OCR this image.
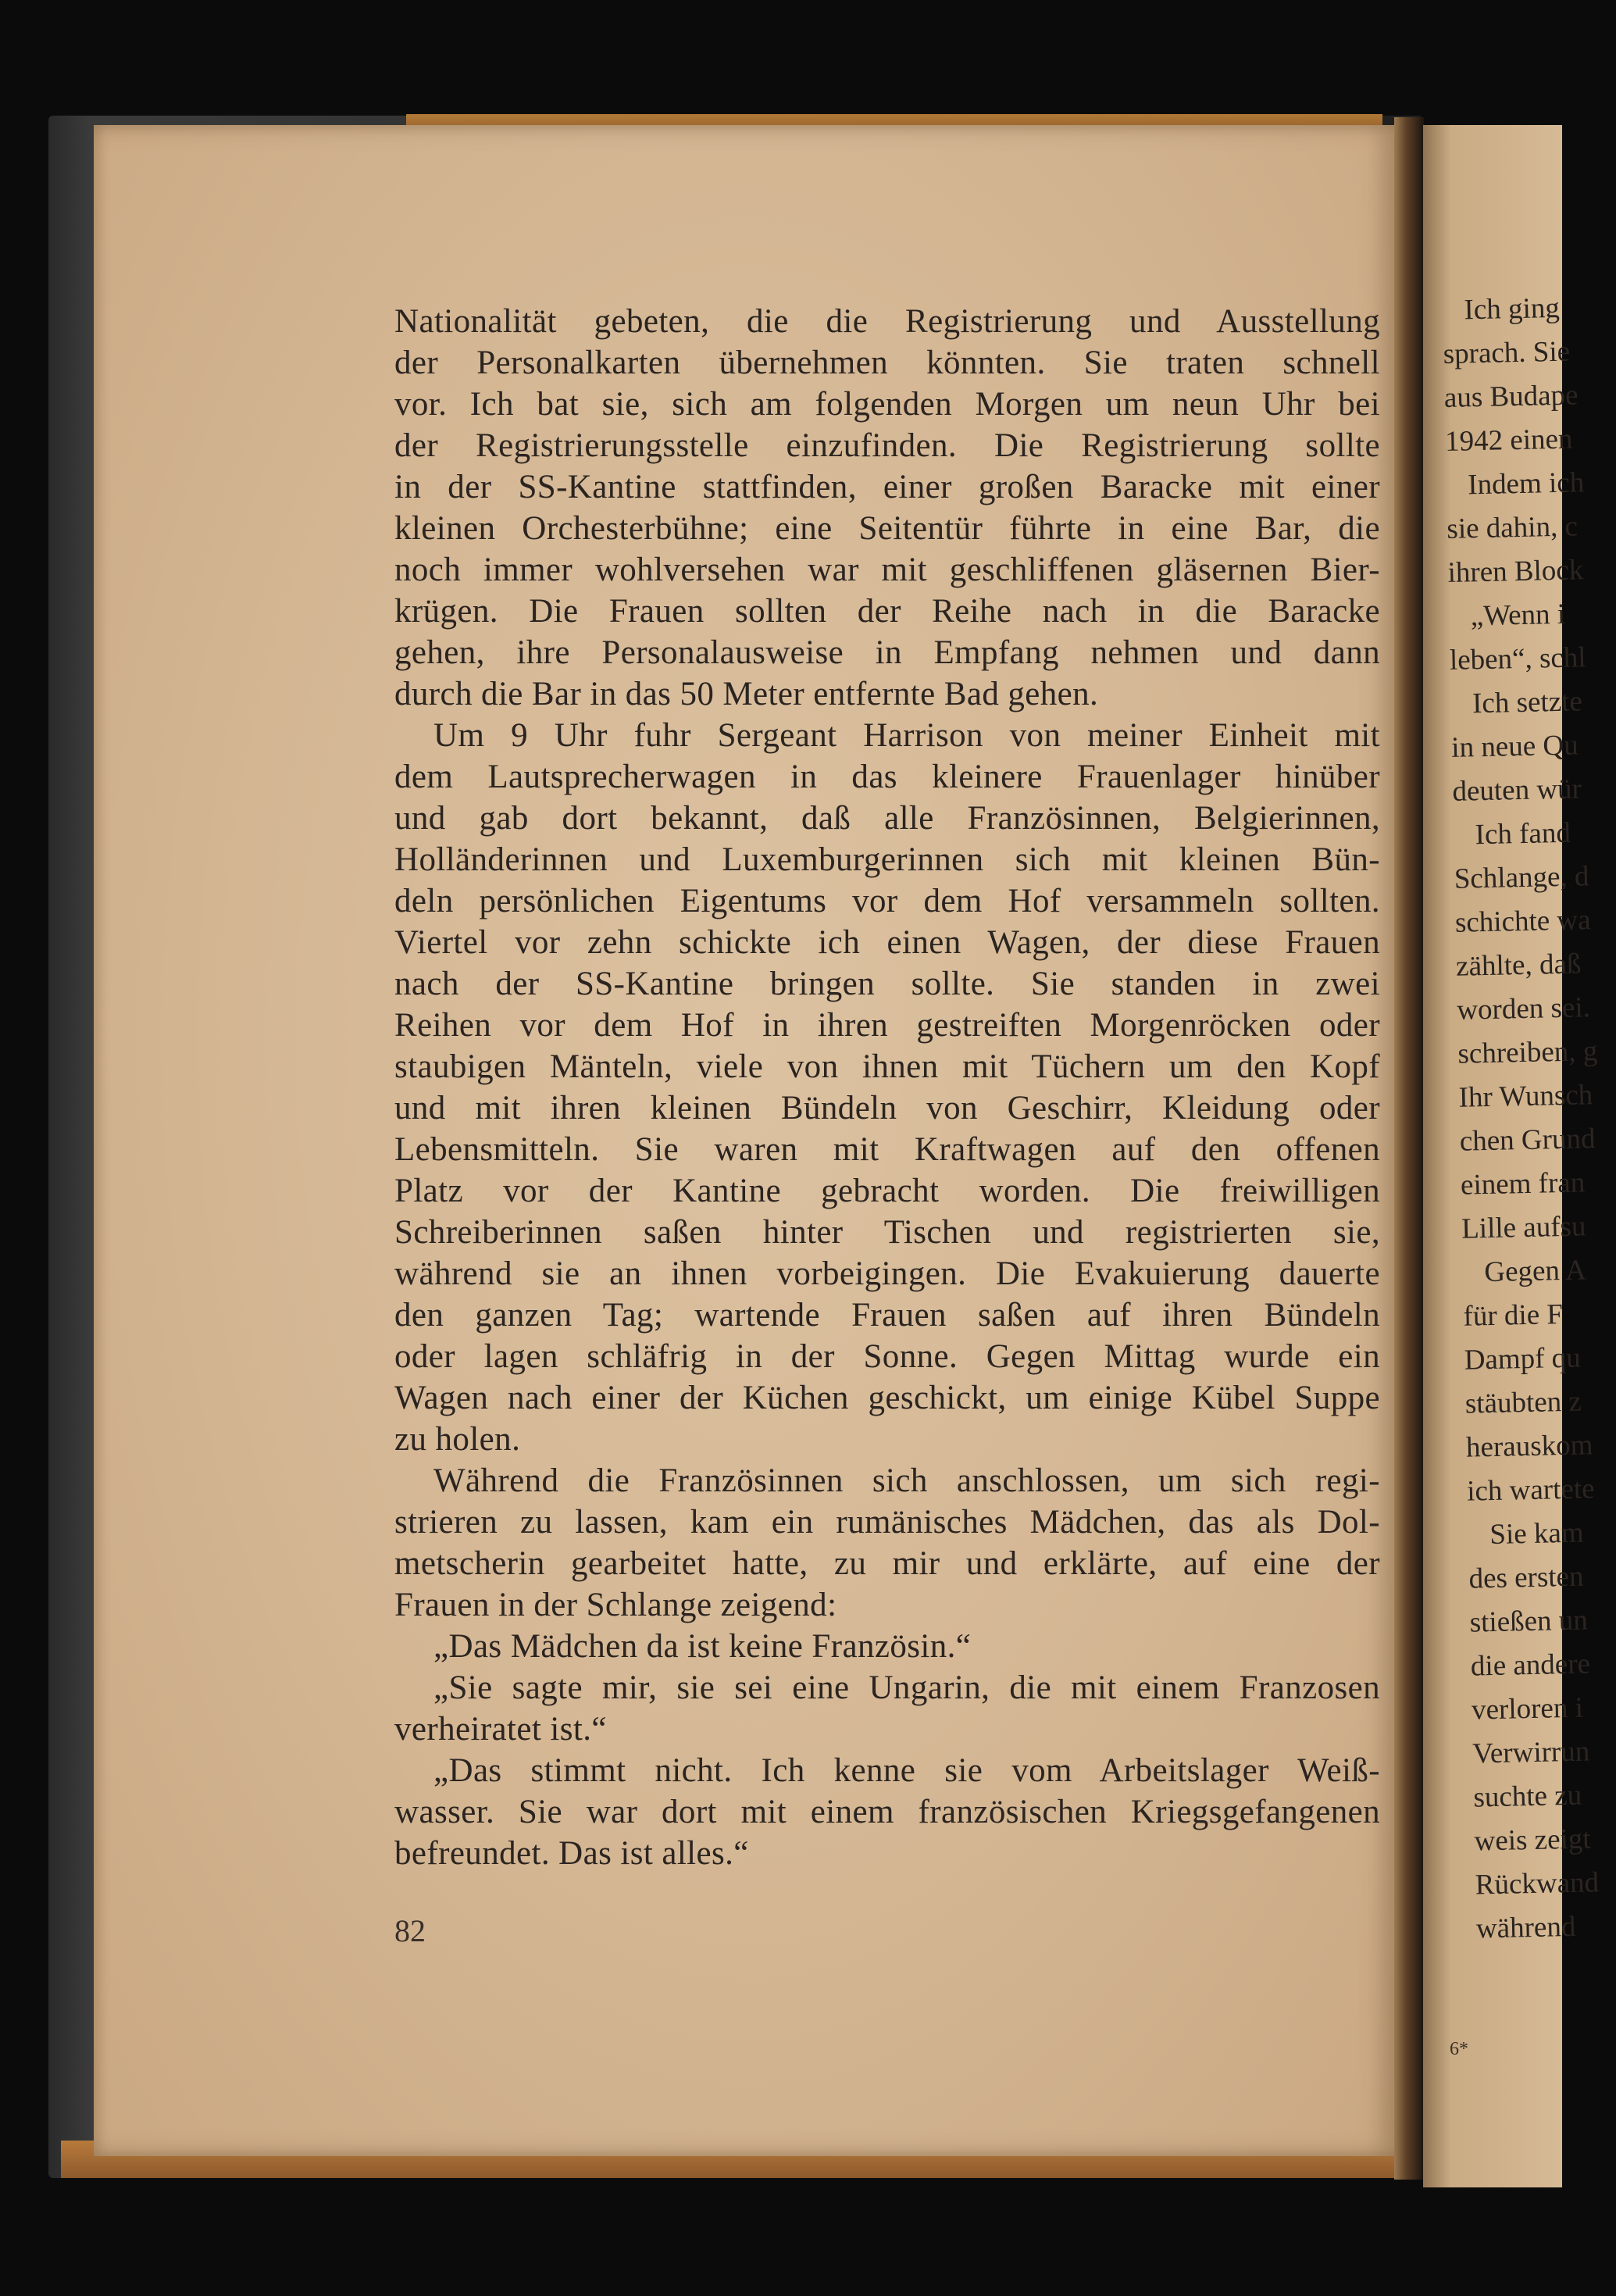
Nationalität gebeten, die die Registrierung und Ausstellung
der Personalkarten übernehmen könnten. Sie traten schnell
vor. Ich bat sie, sich am folgenden Morgen um neun Uhr bei
der Registrierungsstelle einzufinden. Die Registrierung sollte
in der SS-Kantine stattfinden, einer großen Baracke mit einer
kleinen Orchesterbühne; eine Seitentür führte in eine Bar, die
noch immer wohlversehen war mit geschliffenen gläsernen Bier-
krügen. Die Frauen sollten der Reihe nach in die Baracke
gehen, ihre Personalausweise in Empfang nehmen und dann
durch die Bar in das 50 Meter entfernte Bad gehen.
Um 9 Uhr fuhr Sergeant Harrison von meiner Einheit mit
dem Lautsprecherwagen in das kleinere Frauenlager hinüber
und gab dort bekannt, daß alle Französinnen, Belgierinnen,
Holländerinnen und Luxemburgerinnen sich mit kleinen Bün-
deln persönlichen Eigentums vor dem Hof versammeln sollten.
Viertel vor zehn schickte ich einen Wagen, der diese Frauen
nach der SS-Kantine bringen sollte. Sie standen in zwei
Reihen vor dem Hof in ihren gestreiften Morgenröcken oder
staubigen Mänteln, viele von ihnen mit Tüchern um den Kopf
und mit ihren kleinen Bündeln von Geschirr, Kleidung oder
Lebensmitteln. Sie waren mit Kraftwagen auf den offenen
Platz vor der Kantine gebracht worden. Die freiwilligen
Schreiberinnen saßen hinter Tischen und registrierten sie,
während sie an ihnen vorbeigingen. Die Evakuierung dauerte
den ganzen Tag; wartende Frauen saßen auf ihren Bündeln
oder lagen schläfrig in der Sonne. Gegen Mittag wurde ein
Wagen nach einer der Küchen geschickt, um einige Kübel Suppe
zu holen.
Während die Französinnen sich anschlossen, um sich regi-
strieren zu lassen, kam ein rumänisches Mädchen, das als Dol-
metscherin gearbeitet hatte, zu mir und erklärte, auf eine der
Frauen in der Schlange zeigend:
„Das Mädchen da ist keine Französin.“
„Sie sagte mir, sie sei eine Ungarin, die mit einem Franzosen
verheiratet ist.“
„Das stimmt nicht. Ich kenne sie vom Arbeitslager Weiß-
wasser. Sie war dort mit einem französischen Kriegsgefangenen
befreundet. Das ist alles.“
82
Ich ging
sprach. Sie
aus Budape
1942 einen
Indem ich
sie dahin, c
ihren Block
„Wenn i
leben“, schl
Ich setzte
in neue Qu
deuten wür
Ich fand
Schlange, d
schichte wa
zählte, daß
worden sei.
schreiben, g
Ihr Wunsch
chen Grund
einem fran
Lille aufsu
Gegen A
für die F
Dampf qu
stäubten z
herauskom
ich wartete
Sie kam
des ersten
stießen un
die andere
verloren i
Verwirrun
suchte zu
weis zeigt
Rückwand
während
6*
